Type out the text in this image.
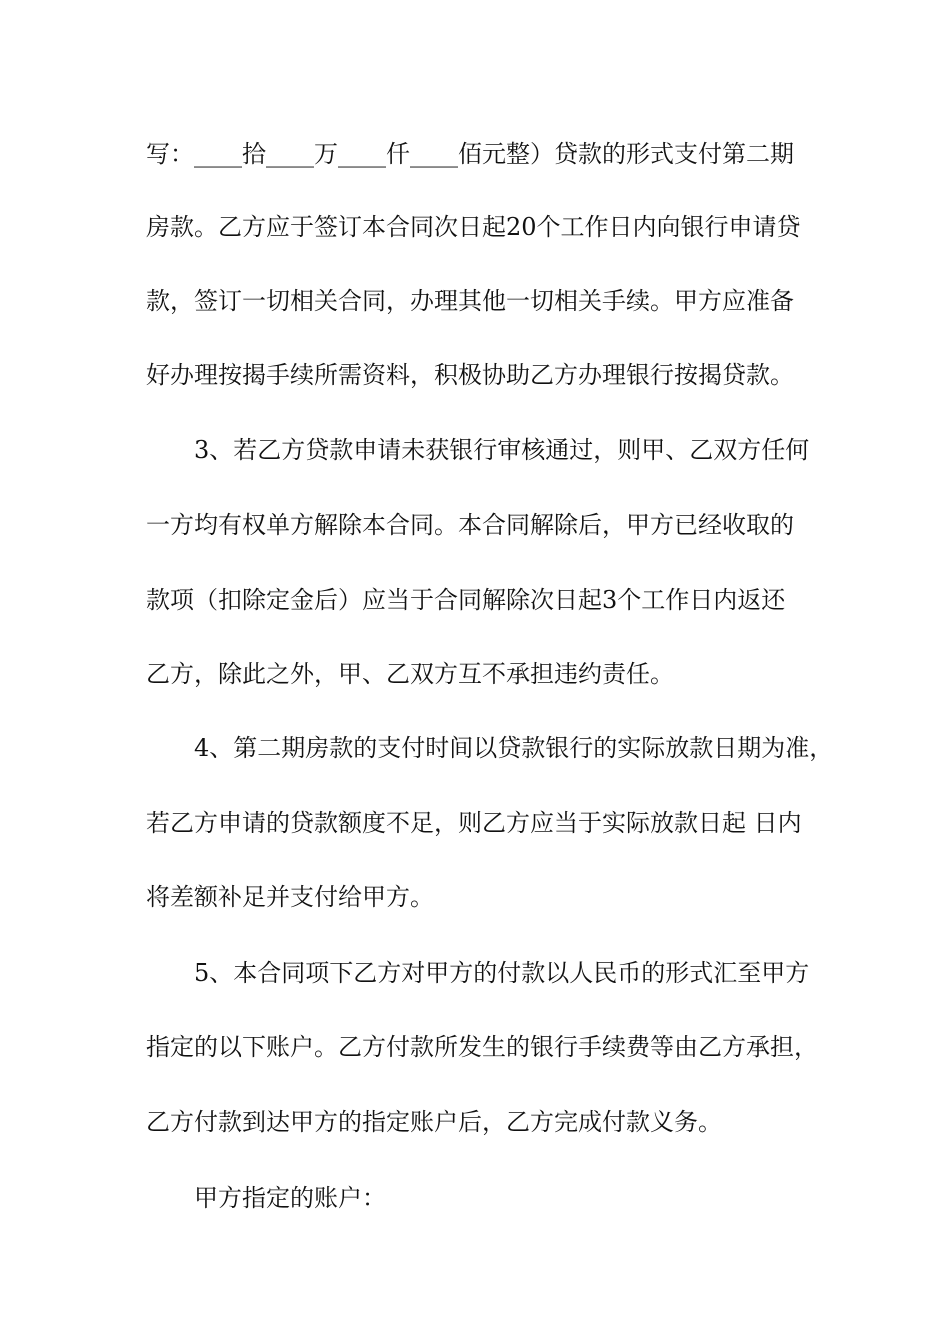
写：____拾____万____仟____佰元整）贷款的形式支付第二期
房款。乙方应于签订本合同次日起20个工作日内向银行申请贷
款，签订一切相关合同，办理其他一切相关手续。甲方应准备
好办理按揭手续所需资料，积极协助乙方办理银行按揭贷款。
3、若乙方贷款申请未获银行审核通过，则甲、乙双方任何
一方均有权单方解除本合同。本合同解除后，甲方已经收取的
款项（扣除定金后）应当于合同解除次日起3个工作日内返还
乙方，除此之外，甲、乙双方互不承担违约责任。
4、第二期房款的支付时间以贷款银行的实际放款日期为准，
若乙方申请的贷款额度不足，则乙方应当于实际放款日起 日内
将差额补足并支付给甲方。
5、本合同项下乙方对甲方的付款以人民币的形式汇至甲方
指定的以下账户。乙方付款所发生的银行手续费等由乙方承担，
乙方付款到达甲方的指定账户后，乙方完成付款义务。
甲方指定的账户：
